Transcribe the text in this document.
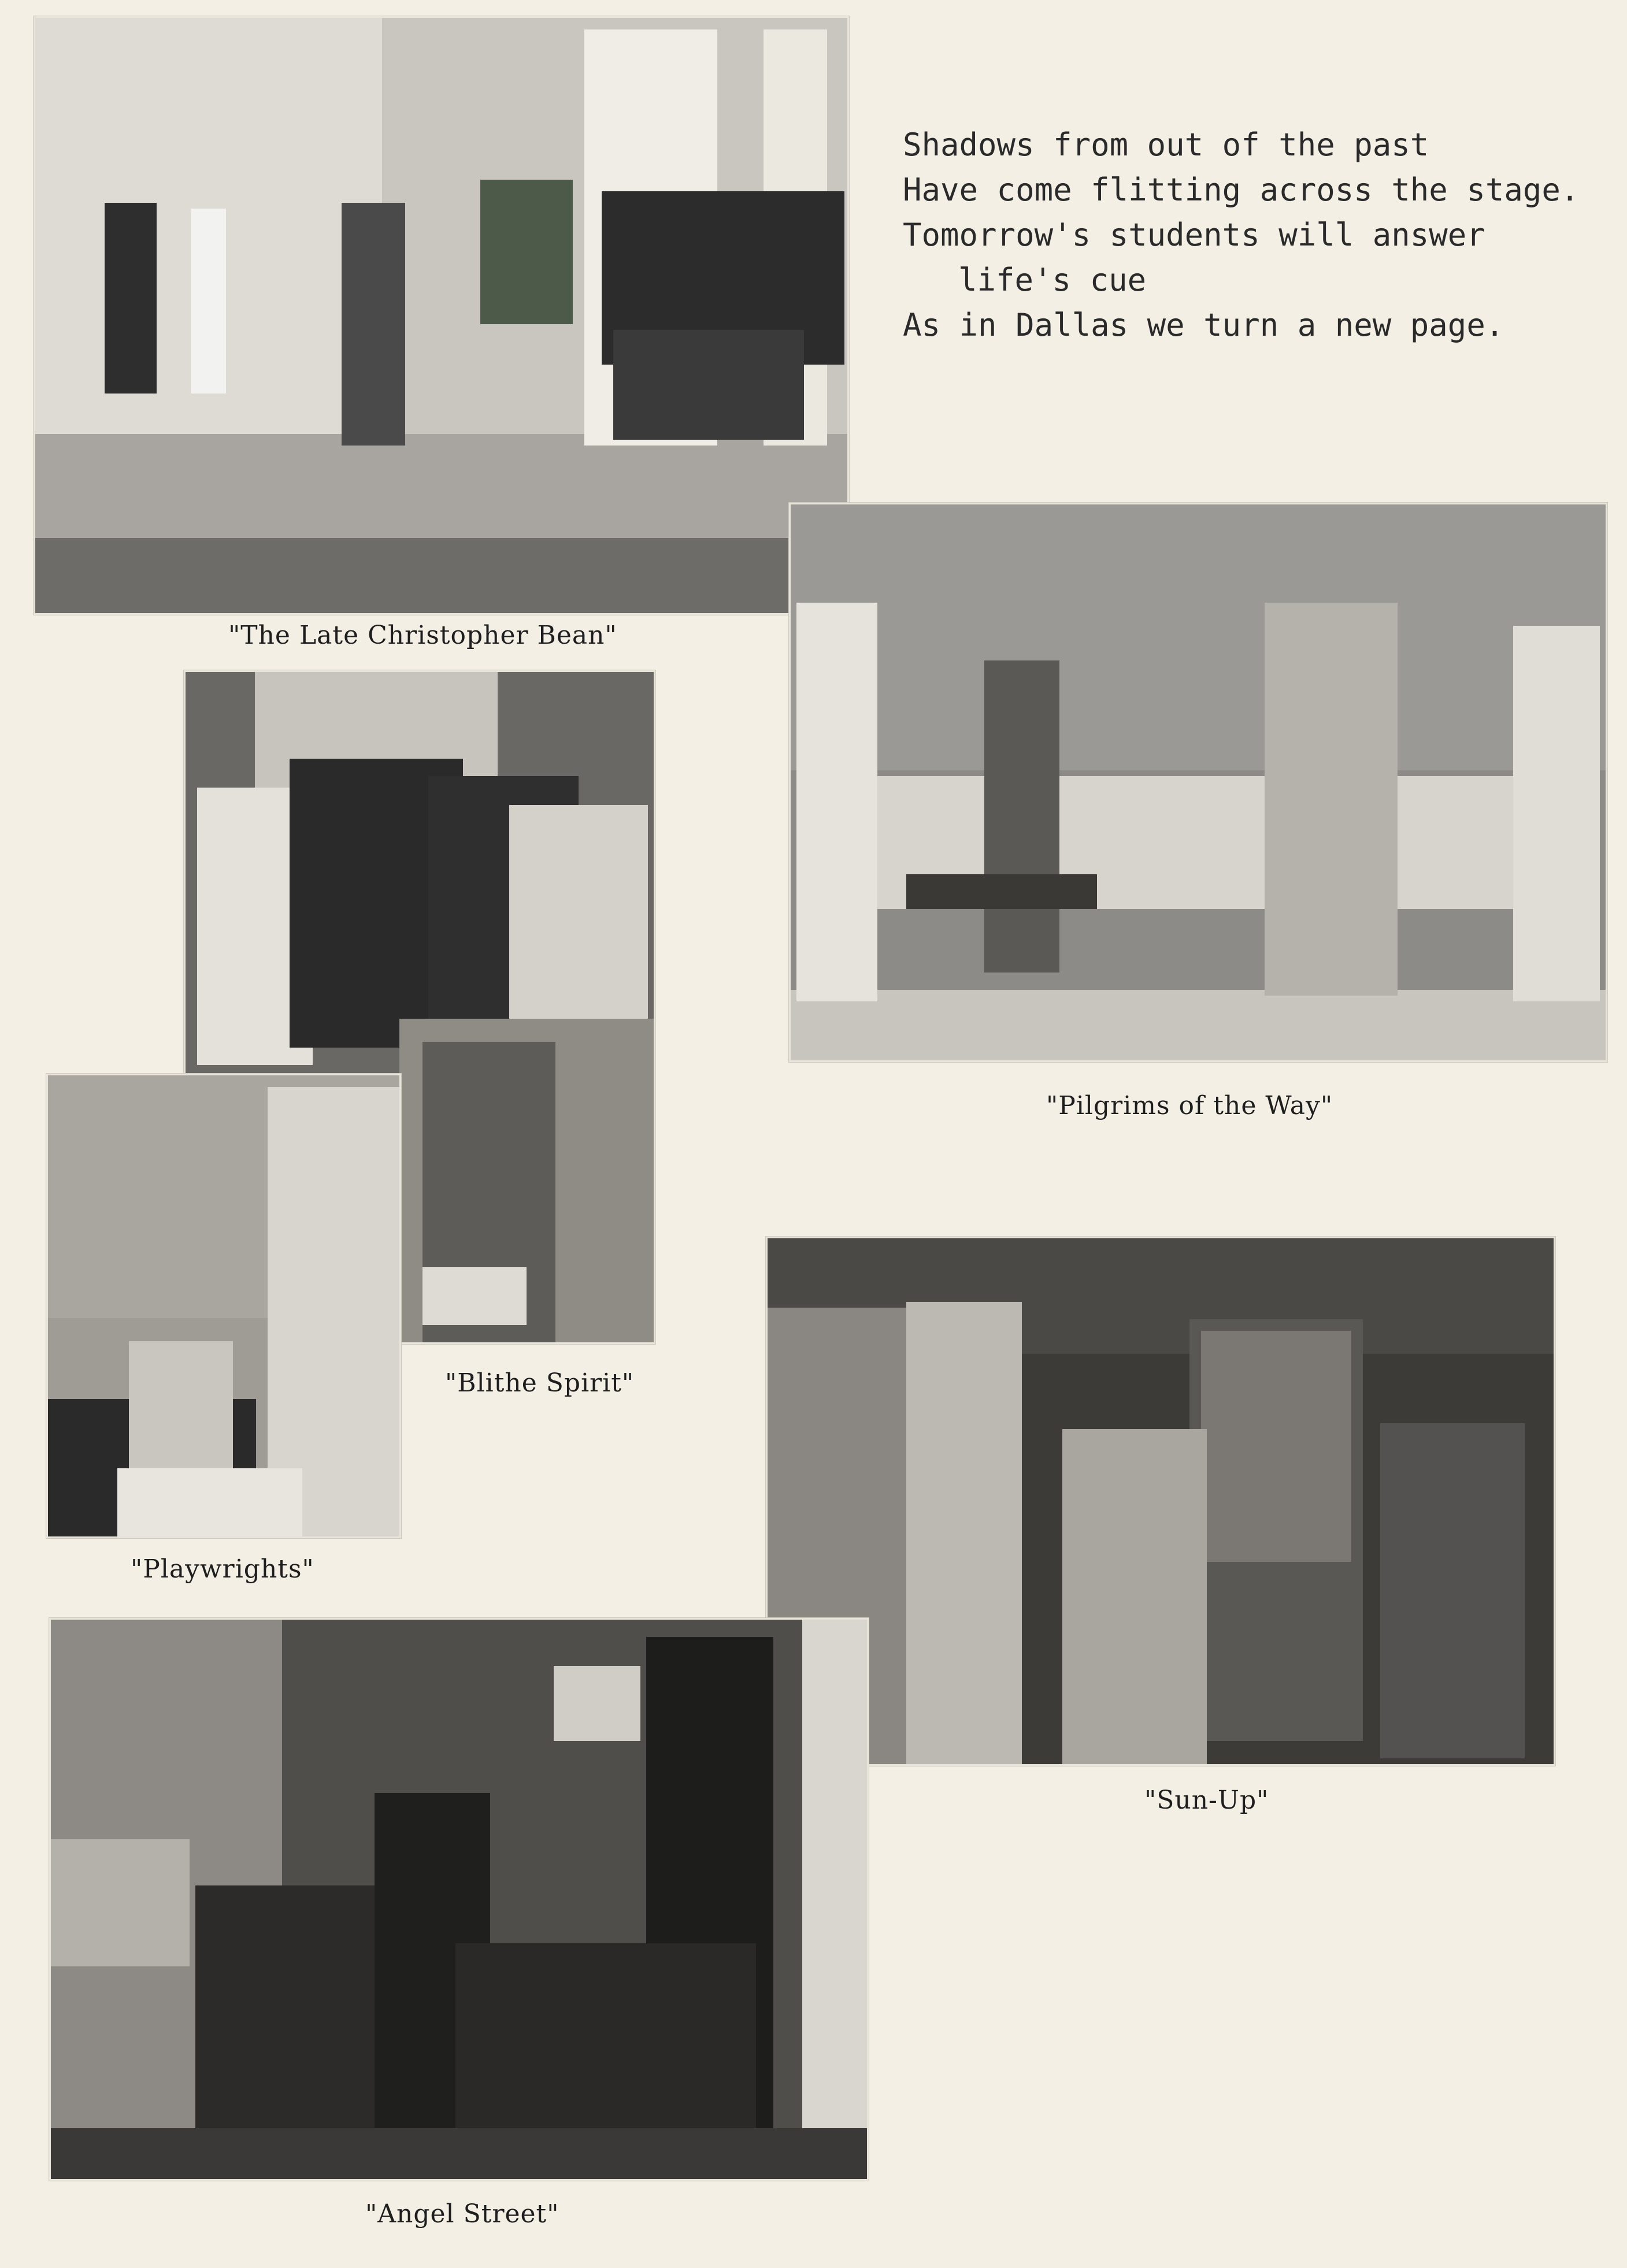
Shadows from out of the past
Have come flitting across the stage.
Tomorrow's students will answer
life's cue
As in Dallas we turn a new page.
"The Late Christopher Bean"
"Pilgrims of the Way"
"Blithe Spirit"
"Playwrights"
"Sun-Up"
"Angel Street"
